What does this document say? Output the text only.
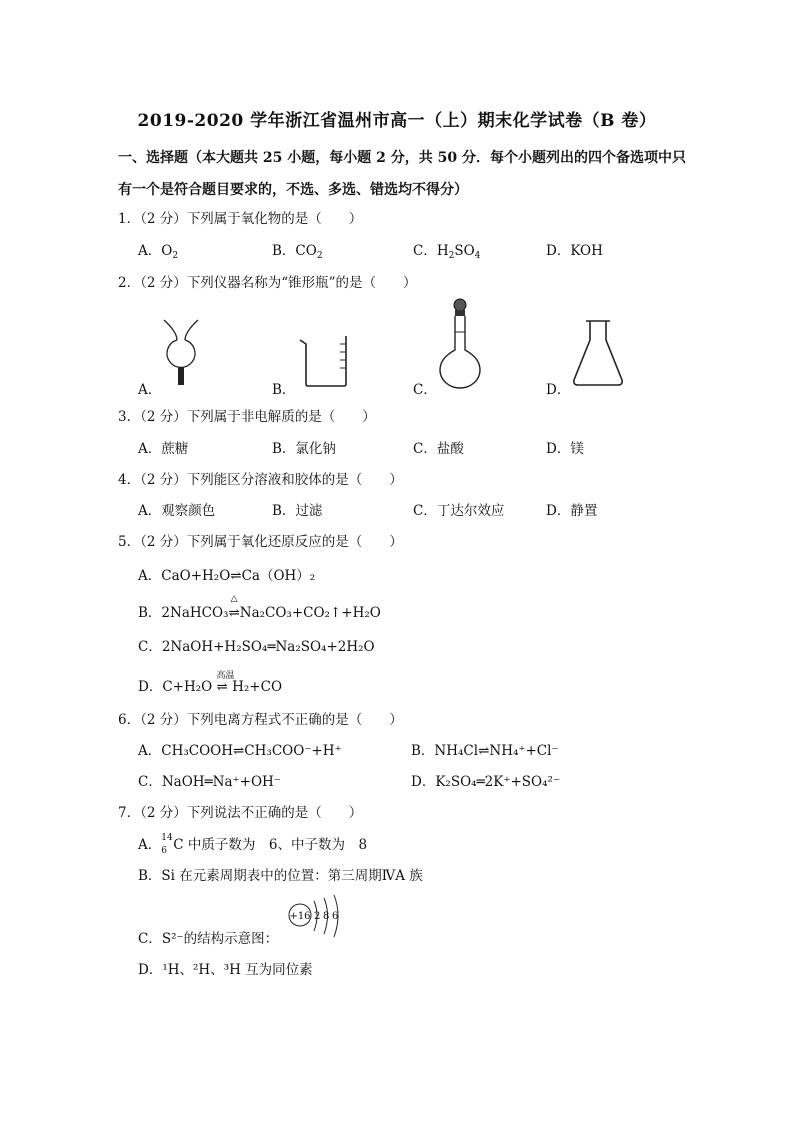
2019-2020 学年浙江省温州市高一（上）期末化学试卷（B 卷）
一、选择题（本大题共 25 小题，每小题 2 分，共 50 分．每个小题列出的四个备选项中只
有一个是符合题目要求的，不选、多选、错选均不得分）
1．（2 分）下列属于氧化物的是（　　）
A．$O_2$	B．$CO_2$	C．$H_2SO_4$	D．KOH
2．（2 分）下列仪器名称为“锥形瓶”的是（　　）
A．	B．	C．	D．
3．（2 分）下列属于非电解质的是（　　）
A．蔗糖	B．氯化钠	C．盐酸	D．镁
4．（2 分）下列能区分溶液和胶体的是（　　）
A．观察颜色	B．过滤	C．丁达尔效应	D．静置
5．（2 分）下列属于氧化还原反应的是（　　）
A．CaO+H₂O⇌Ca（OH）₂
B．2NaHCO₃
△
⇌Na₂CO₃+CO₂↑+H₂O
C．2NaOH+H₂SO₄═Na₂SO₄+2H₂O
D．C+H₂O
高温
⇌ H₂+CO
6．（2 分）下列电离方程式不正确的是（　　）
A．CH₃COOH⇌CH₃COO⁻+H⁺	B．NH₄Cl⇌NH₄⁺+Cl⁻
C．NaOH═Na⁺+OH⁻	D．K₂SO₄═2K⁺+SO₄²⁻
7．（2 分）下列说法不正确的是（　　）
A． 14
6 C 中质子数为　6、中子数为　8
B．Si 在元素周期表中的位置：第三周期ⅣA 族
+16 2 8 6
C．S²⁻的结构示意图：
D．¹H、²H、³H 互为同位素
